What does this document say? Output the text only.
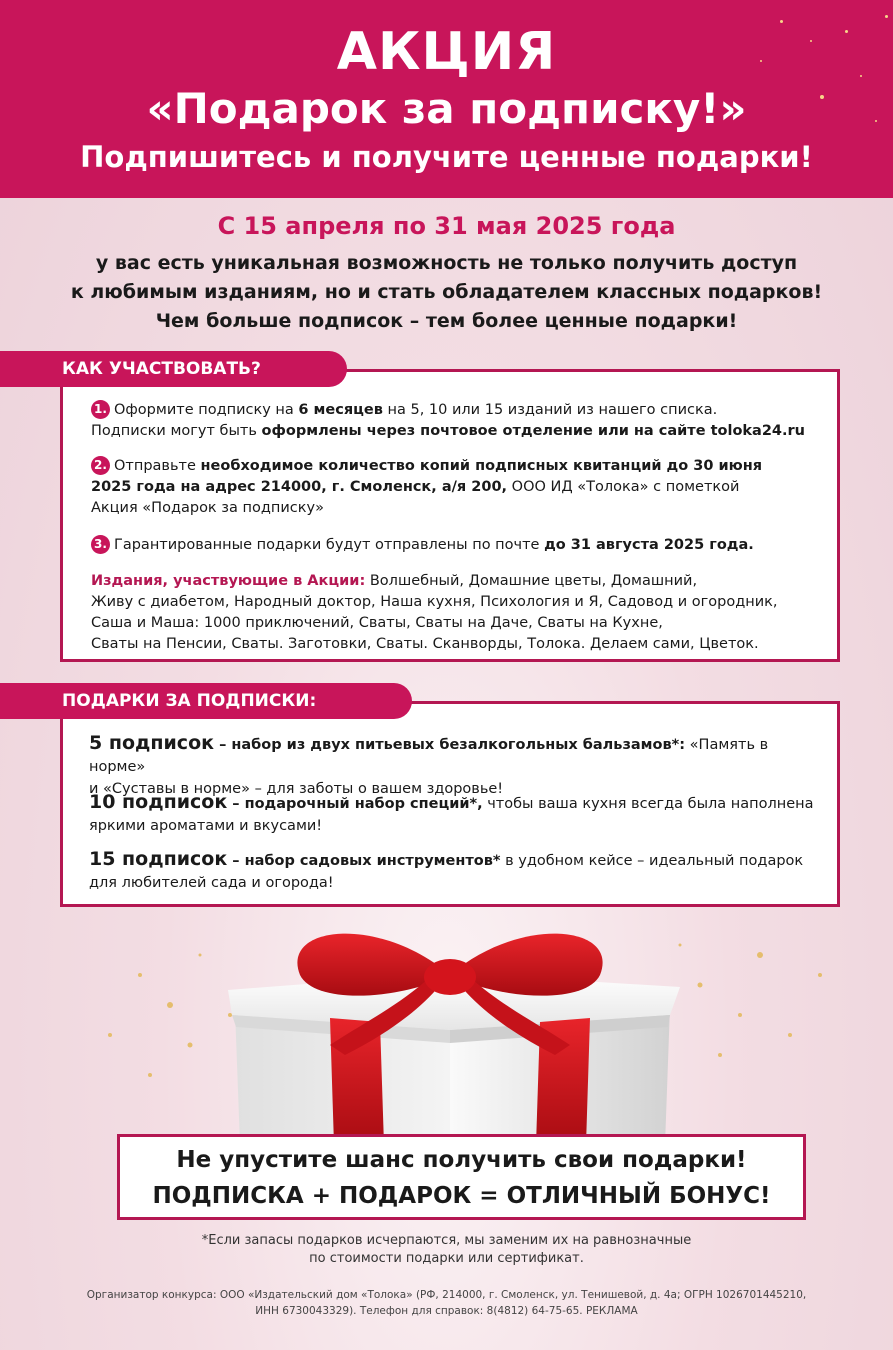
АКЦИЯ
«Подарок за подписку!»
Подпишитесь и получите ценные подарки!
С 15 апреля по 31 мая 2025 года
у вас есть уникальная возможность не только получить доступ
к любимым изданиям, но и стать обладателем классных подарков!
Чем больше подписок – тем более ценные подарки!
1. Оформите подписку на 6 месяцев на 5, 10 или 15 изданий из нашего списка.
Подписки могут быть оформлены через почтовое отделение или на сайте toloka24.ru
2. Отправьте необходимое количество копий подписных квитанций до 30 июня
2025 года на адрес 214000, г. Смоленск, а/я 200, ООО ИД «Толока» с пометкой
Акция «Подарок за подписку»
3. Гарантированные подарки будут отправлены по почте до 31 августа 2025 года.
Издания, участвующие в Акции: Волшебный, Домашние цветы, Домашний,
Живу с диабетом, Народный доктор, Наша кухня, Психология и Я, Садовод и огородник,
Саша и Маша: 1000 приключений, Сваты, Сваты на Даче, Сваты на Кухне,
Сваты на Пенсии, Сваты. Заготовки, Сваты. Сканворды, Толока. Делаем сами, Цветок.
КАК УЧАСТВОВАТЬ?
5 подписок – набор из двух питьевых безалкогольных бальзамов*: «Память в норме»
и «Суставы в норме» – для заботы о вашем здоровье!
10 подписок – подарочный набор специй*, чтобы ваша кухня всегда была наполнена
яркими ароматами и вкусами!
15 подписок – набор садовых инструментов* в удобном кейсе – идеальный подарок
для любителей сада и огорода!
ПОДАРКИ ЗА ПОДПИСКИ:
Не упустите шанс получить свои подарки!
ПОДПИСКА + ПОДАРОК = ОТЛИЧНЫЙ БОНУС!
*Если запасы подарков исчерпаются, мы заменим их на равнозначные
по стоимости подарки или сертификат.
Организатор конкурса: ООО «Издательский дом «Толока» (РФ, 214000, г. Смоленск, ул. Тенишевой, д. 4а; ОГРН 1026701445210,
ИНН 6730043329). Телефон для справок: 8(4812) 64-75-65. РЕКЛАМА
